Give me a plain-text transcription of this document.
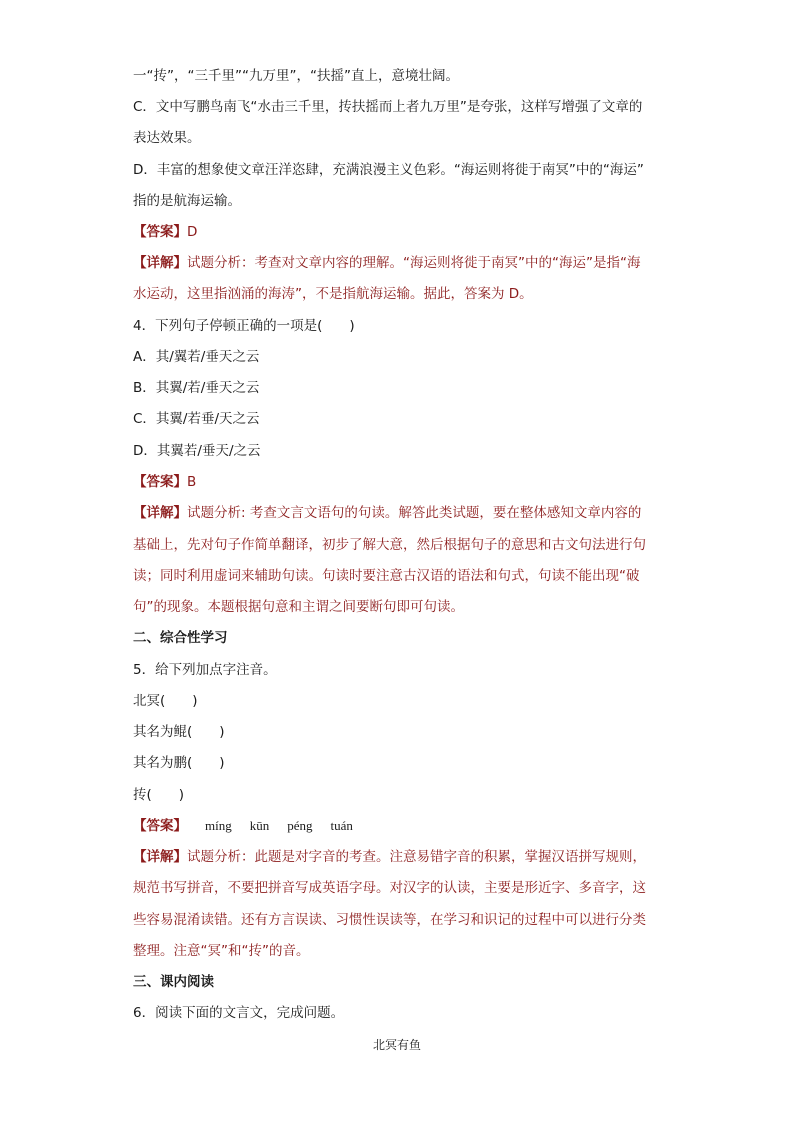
一“抟”，“三千里”“九万里”，“扶摇”直上，意境壮阔。
C．文中写鹏鸟南飞“水击三千里，抟扶摇而上者九万里”是夸张，这样写增强了文章的
表达效果。
D．丰富的想象使文章汪洋恣肆，充满浪漫主义色彩。“海运则将徙于南冥”中的“海运”
指的是航海运输。
【答案】D
【详解】试题分析：考查对文章内容的理解。“海运则将徙于南冥”中的“海运”是指“海
水运动，这里指汹涌的海涛”，不是指航海运输。据此，答案为 D。
4．下列句子停顿正确的一项是(　　)
A．其/翼若/垂天之云
B．其翼/若/垂天之云
C．其翼/若垂/天之云
D．其翼若/垂天/之云
【答案】B
【详解】试题分析: 考查文言文语句的句读。解答此类试题，要在整体感知文章内容的
基础上，先对句子作简单翻译，初步了解大意，然后根据句子的意思和古文句法进行句
读；同时利用虚词来辅助句读。句读时要注意古汉语的语法和句式，句读不能出现“破
句”的现象。本题根据句意和主谓之间要断句即可句读。
二、综合性学习
5．给下列加点字注音。
北冥(　　)
其名为鲲(　　)
其名为鹏(　　)
抟(　　)
【答案】 míng kūn péng tuán
【详解】试题分析：此题是对字音的考查。注意易错字音的积累，掌握汉语拼写规则，
规范书写拼音，不要把拼音写成英语字母。对汉字的认读，主要是形近字、多音字，这
些容易混淆读错。还有方言误读、习惯性误读等，在学习和识记的过程中可以进行分类
整理。注意“冥”和“抟”的音。
三、课内阅读
6．阅读下面的文言文，完成问题。
北冥有鱼
